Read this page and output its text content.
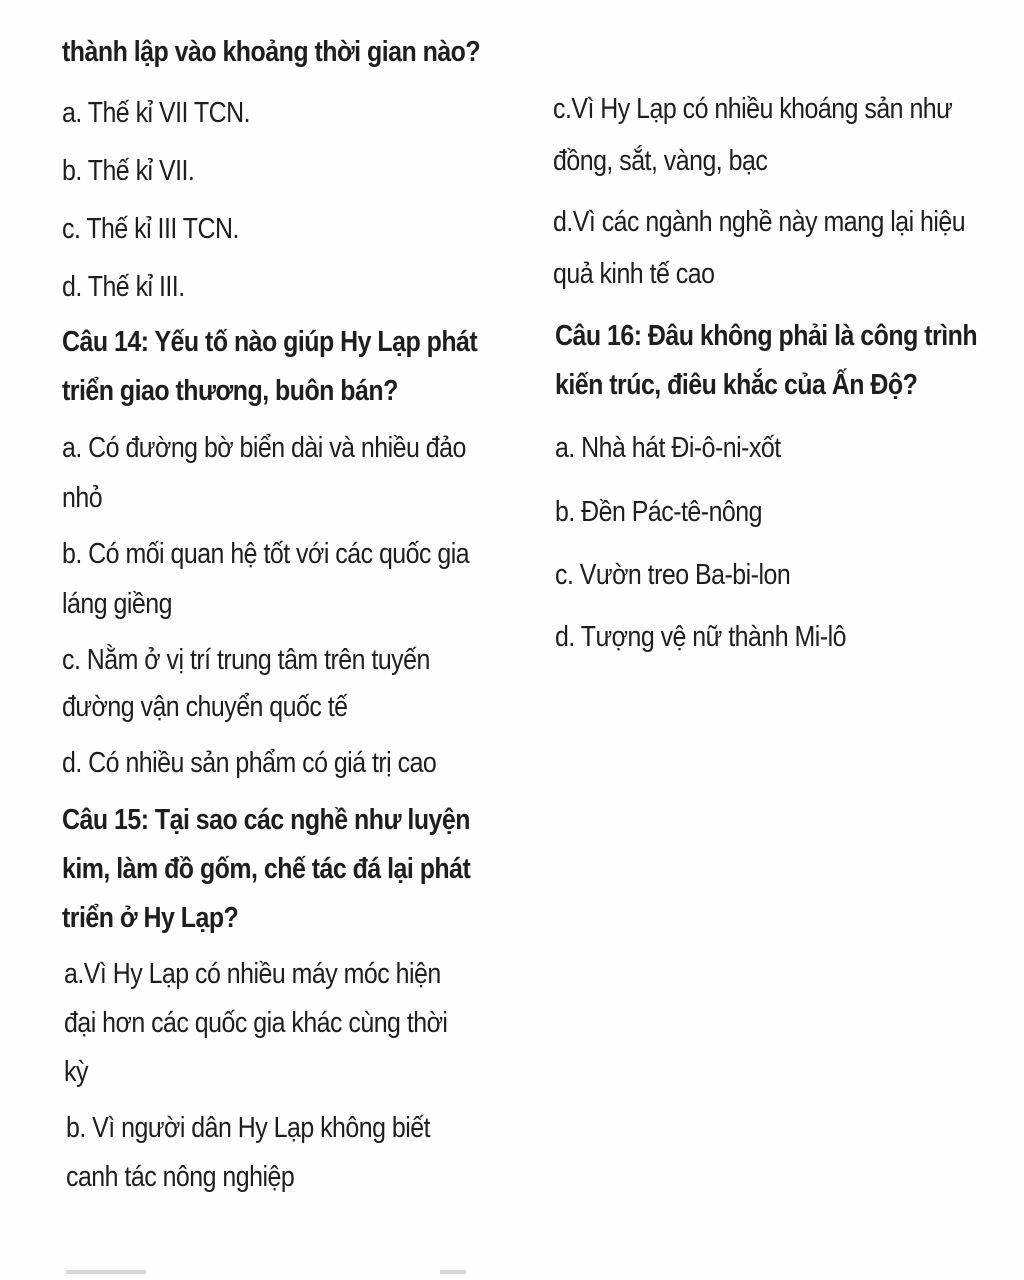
thành lập vào khoảng thời gian nào?
a. Thế kỉ VII TCN.
b. Thế kỉ VII.
c. Thế kỉ III TCN.
d. Thế kỉ III.
Câu 14: Yếu tố nào giúp Hy Lạp phát
triển giao thương, buôn bán?
a. Có đường bờ biển dài và nhiều đảo
nhỏ
b. Có mối quan hệ tốt với các quốc gia
láng giềng
c. Nằm ở vị trí trung tâm trên tuyến
đường vận chuyển quốc tế
d. Có nhiều sản phẩm có giá trị cao
Câu 15: Tại sao các nghề như luyện
kim, làm đồ gốm, chế tác đá lại phát
triển ở Hy Lạp?
a.Vì Hy Lạp có nhiều máy móc hiện
đại hơn các quốc gia khác cùng thời
kỳ
b. Vì người dân Hy Lạp không biết
canh tác nông nghiệp
c.Vì Hy Lạp có nhiều khoáng sản như
đồng, sắt, vàng, bạc
d.Vì các ngành nghề này mang lại hiệu
quả kinh tế cao
Câu 16: Đâu không phải là công trình
kiến trúc, điêu khắc của Ấn Độ?
a. Nhà hát Đi-ô-ni-xốt
b. Đền Pác-tê-nông
c. Vườn treo Ba-bi-lon
d. Tượng vệ nữ thành Mi-lô
